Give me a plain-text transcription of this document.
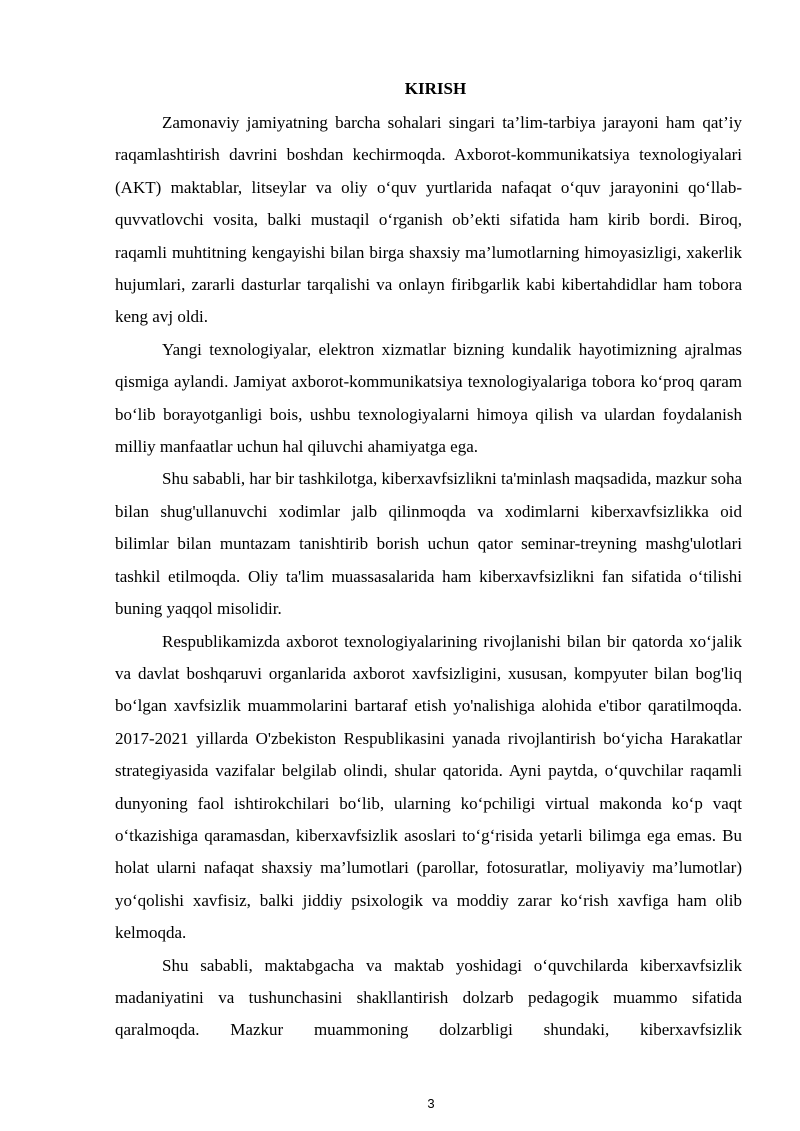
KIRISH

Zamonaviy jamiyatning barcha sohalari singari ta’lim-tarbiya jarayoni ham qat’iy raqamlashtirish davrini boshdan kechirmoqda. Axborot-kommunikatsiya texnologiyalari (AKT) maktablar, litseylar va oliy o‘quv yurtlarida nafaqat o‘quv jarayonini qo‘llab-quvvatlovchi vosita, balki mustaqil o‘rganish ob’ekti sifatida ham kirib bordi. Biroq, raqamli muhtitning kengayishi bilan birga shaxsiy ma’lumotlarning himoyasizligi, xakerlik hujumlari, zararli dasturlar tarqalishi va onlayn firibgarlik kabi kibertahdidlar ham tobora keng avj oldi.

Yangi texnologiyalar, elektron xizmatlar bizning kundalik hayotimizning ajralmas qismiga aylandi. Jamiyat axborot-kommunikatsiya texnologiyalariga tobora ko‘proq qaram bo‘lib borayotganligi bois, ushbu texnologiyalarni himoya qilish va ulardan foydalanish milliy manfaatlar uchun hal qiluvchi ahamiyatga ega.

Shu sababli, har bir tashkilotga, kiberxavfsizlikni ta'minlash maqsadida, mazkur soha bilan shug'ullanuvchi xodimlar jalb qilinmoqda va xodimlarni kiberxavfsizlikka oid bilimlar bilan muntazam tanishtirib borish uchun qator seminar-treyning mashg'ulotlari tashkil etilmoqda. Oliy ta'lim muassasalarida ham kiberxavfsizlikni fan sifatida o‘tilishi buning yaqqol misolidir.

Respublikamizda axborot texnologiyalarining rivojlanishi bilan bir qatorda xo‘jalik va davlat boshqaruvi organlarida axborot xavfsizligini, xususan, kompyuter bilan bog'liq bo‘lgan xavfsizlik muammolarini bartaraf etish yo'nalishiga alohida e'tibor qaratilmoqda. 2017-2021 yillarda O'zbekiston Respublikasini yanada rivojlantirish bo‘yicha Harakatlar strategiyasida vazifalar belgilab olindi, shular qatorida. Ayni paytda, o‘quvchilar raqamli dunyoning faol ishtirokchilari bo‘lib, ularning ko‘pchiligi virtual makonda ko‘p vaqt o‘tkazishiga qaramasdan, kiberxavfsizlik asoslari to‘g‘risida yetarli bilimga ega emas. Bu holat ularni nafaqat shaxsiy ma’lumotlari (parollar, fotosuratlar, moliyaviy ma’lumotlar) yo‘qolishi xavfisiz, balki jiddiy psixologik va moddiy zarar ko‘rish xavfiga ham olib kelmoqda.

Shu sababli, maktabgacha va maktab yoshidagi o‘quvchilarda kiberxavfsizlik madaniyatini va tushunchasini shakllantirish dolzarb pedagogik muammo sifatida qaralmoqda. Mazkur muammoning dolzarbligi shundaki, kiberxavfsizlik

3
